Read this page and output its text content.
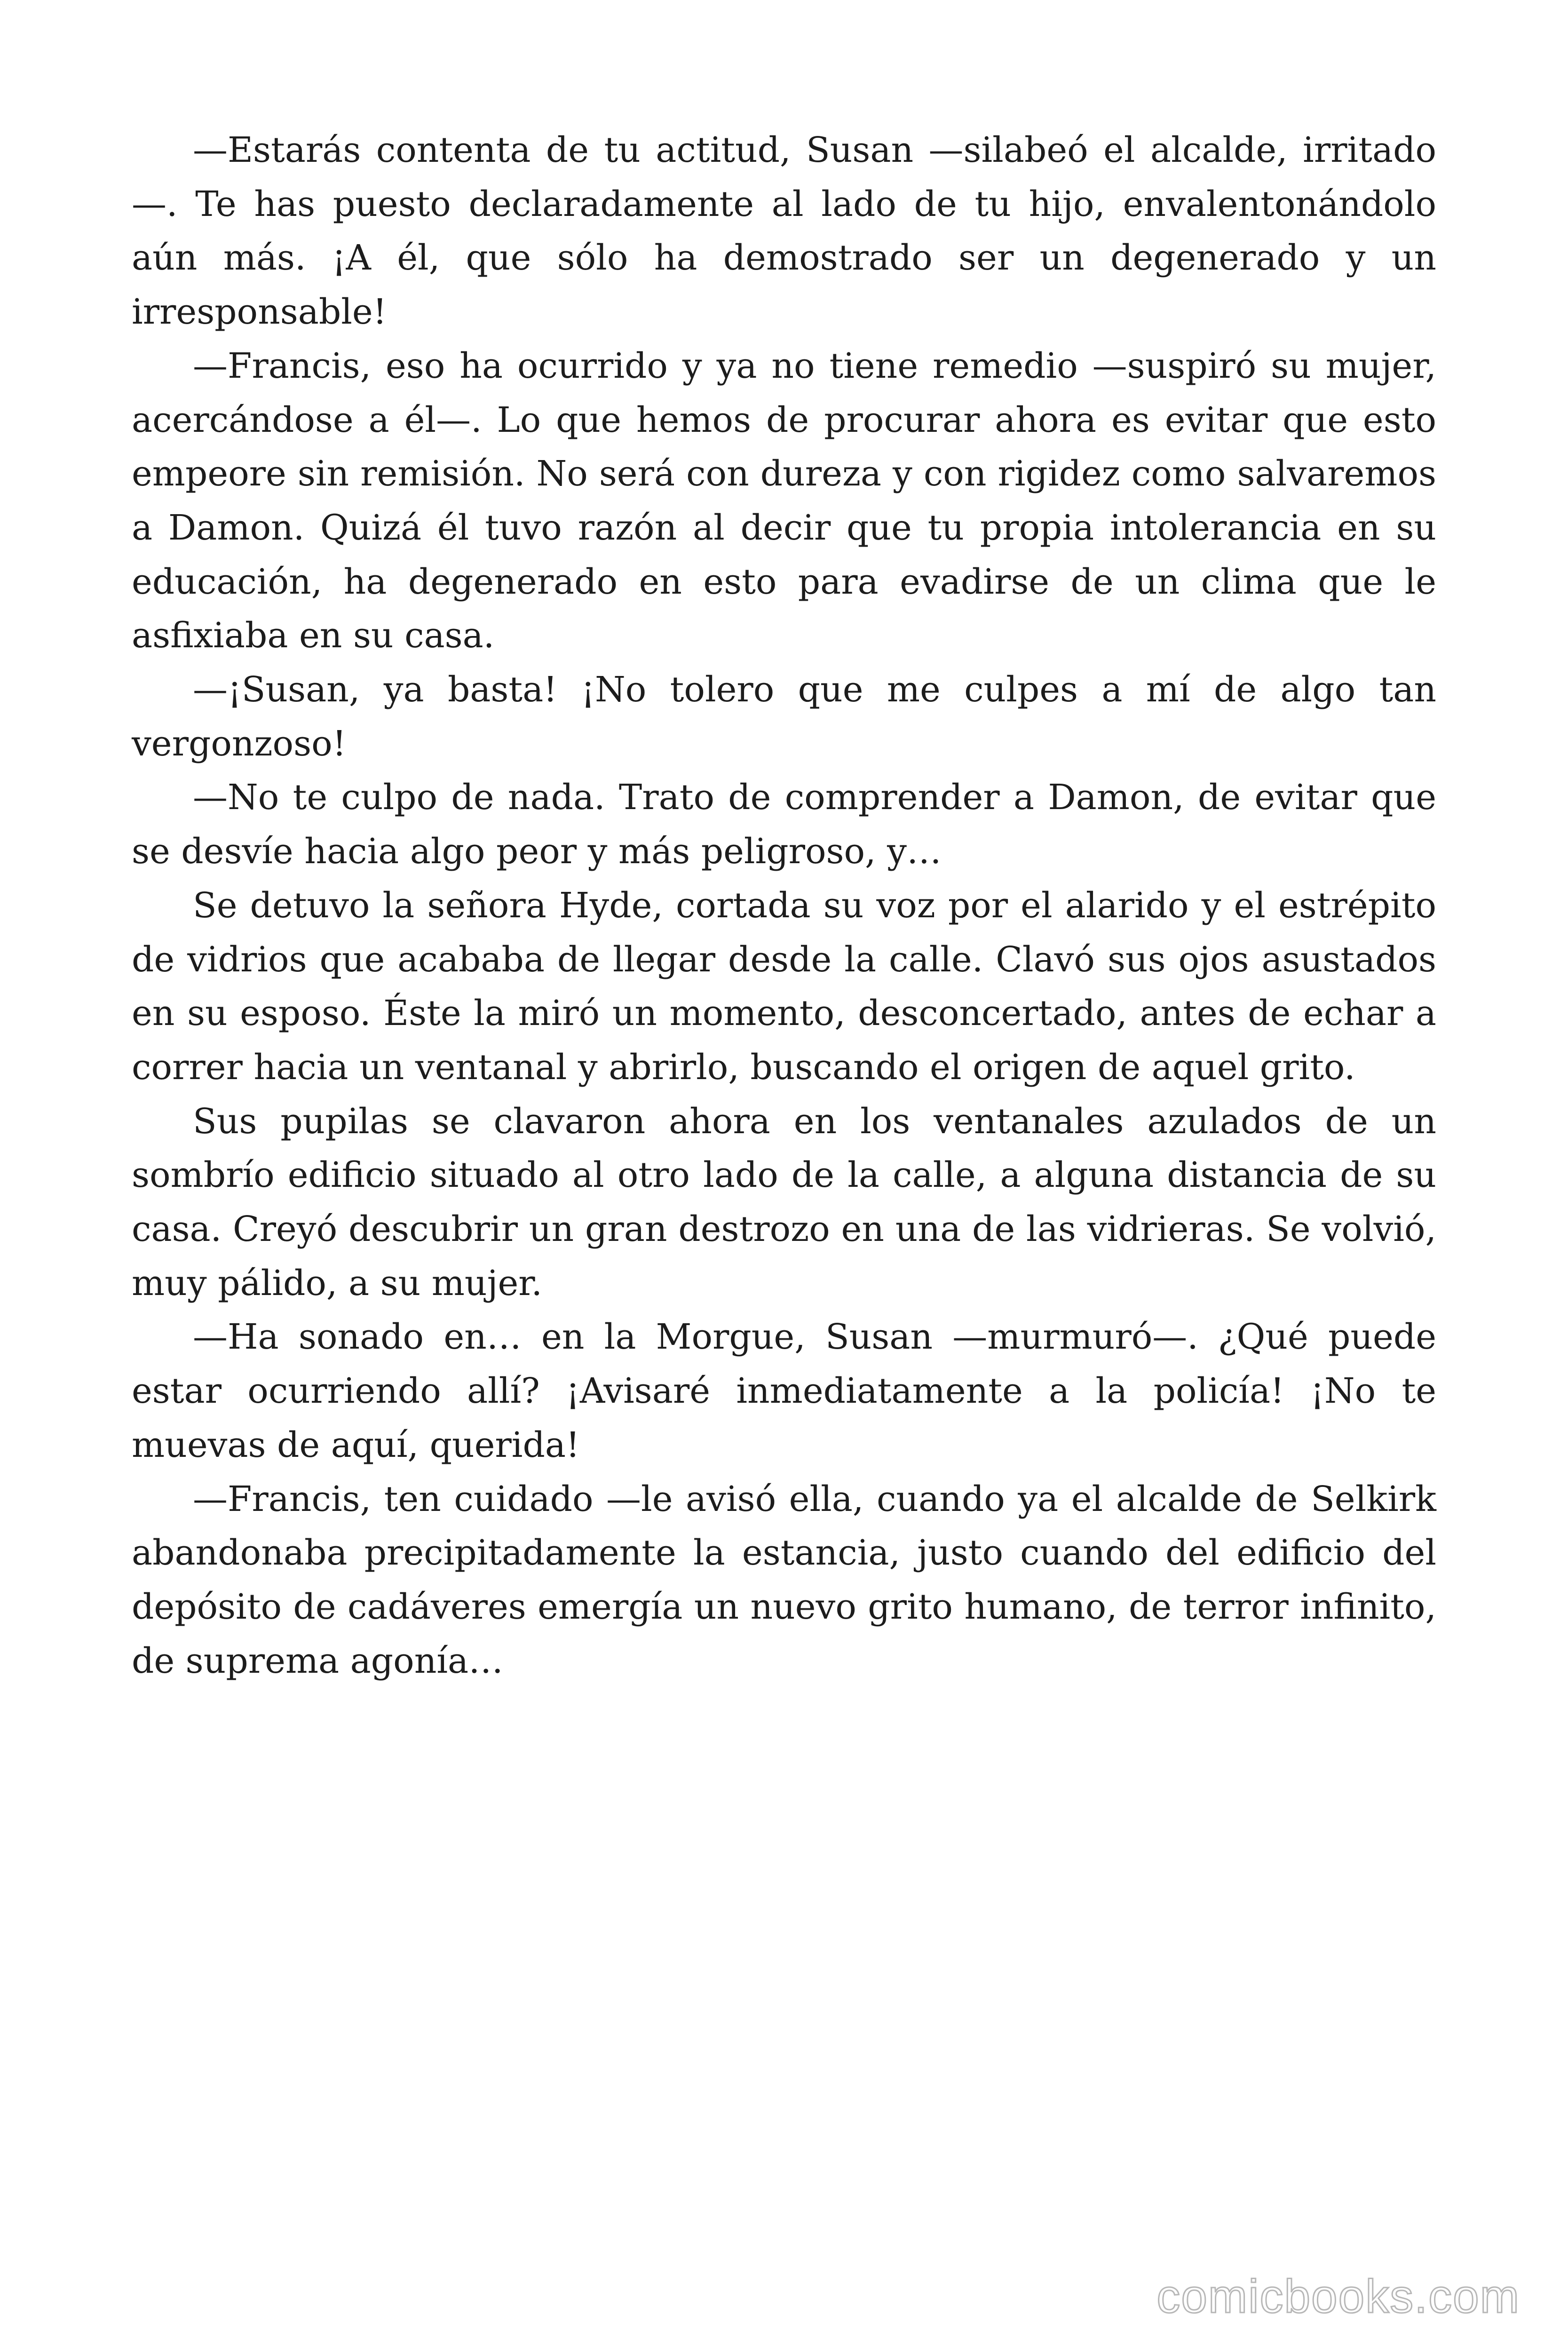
—Estarás contenta de tu actitud, Susan —silabeó el alcalde, irritado—. Te has puesto declaradamente al lado de tu hijo, envalentonándolo aún más. ¡A él, que sólo ha demostrado ser un degenerado y un irresponsable!

—Francis, eso ha ocurrido y ya no tiene remedio —suspiró su mujer, acercándose a él—. Lo que hemos de procurar ahora es evitar que esto empeore sin remisión. No será con dureza y con rigidez como salvaremos a Damon. Quizá él tuvo razón al decir que tu propia intolerancia en su educación, ha degenerado en esto para evadirse de un clima que le asfixiaba en su casa.

—¡Susan, ya basta! ¡No tolero que me culpes a mí de algo tan vergonzoso!

—No te culpo de nada. Trato de comprender a Damon, de evitar que se desvíe hacia algo peor y más peligroso, y…

Se detuvo la señora Hyde, cortada su voz por el alarido y el estrépito de vidrios que acababa de llegar desde la calle. Clavó sus ojos asustados en su esposo. Éste la miró un momento, desconcertado, antes de echar a correr hacia un ventanal y abrirlo, buscando el origen de aquel grito.

Sus pupilas se clavaron ahora en los ventanales azulados de un sombrío edificio situado al otro lado de la calle, a alguna distancia de su casa. Creyó descubrir un gran destrozo en una de las vidrieras. Se volvió, muy pálido, a su mujer.

—Ha sonado en… en la Morgue, Susan —murmuró—. ¿Qué puede estar ocurriendo allí? ¡Avisaré inmediatamente a la policía! ¡No te muevas de aquí, querida!

—Francis, ten cuidado —le avisó ella, cuando ya el alcalde de Selkirk abandonaba precipitadamente la estancia, justo cuando del edificio del depósito de cadáveres emergía un nuevo grito humano, de terror infinito, de suprema agonía…

comicbooks.com
